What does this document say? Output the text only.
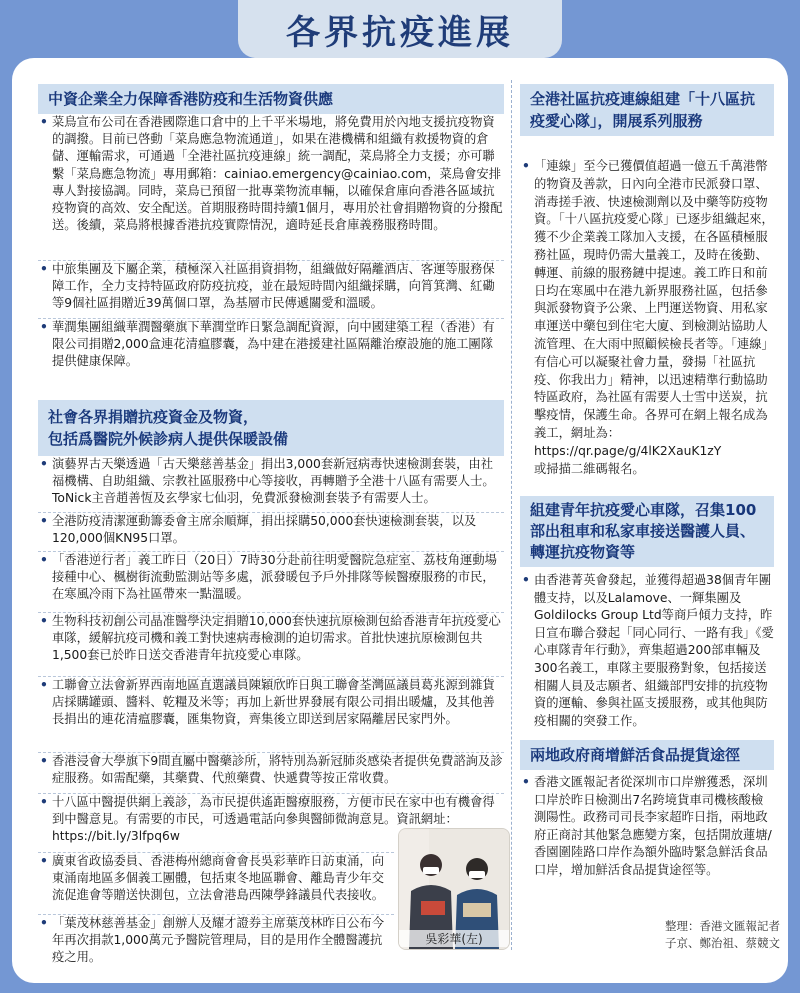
各界抗疫進展
中資企業全力保障香港防疫和生活物資供應
• 菜鳥宣布公司在香港國際進口倉中的上千平米場地，將免費用於內地支援抗疫物資的調撥。目前已啓動「菜鳥應急物流通道」，如果在港機構和組織有救援物資的倉儲、運輸需求，可通過「全港社區抗疫連線」統一調配，菜鳥將全力支援；亦可聯繫「菜鳥應急物流」專用郵箱：cainiao.emergency@cainiao.com，菜鳥會安排專人對接協調。同時，菜鳥已預留一批專業物流車輛，以確保倉庫向香港各區域抗疫物資的高效、安全配送。首期服務時間持續1個月，專用於社會捐贈物資的分撥配送。後續，菜鳥將根據香港抗疫實際情況，適時延長倉庫義務服務時間。
• 中旅集團及下屬企業，積極深入社區捐資捐物，組織做好隔離酒店、客運等服務保障工作，全力支持特區政府防疫抗疫，並在最短時間內組織採購，向筲箕灣、紅磡等9個社區捐贈近39萬個口罩，為基層市民傳遞關愛和溫暖。
• 華潤集團組織華潤醫藥旗下華潤堂昨日緊急調配資源，向中國建築工程（香港）有限公司捐贈2,000盒連花清瘟膠囊，為中建在港援建社區隔離治療設施的施工團隊提供健康保障。
社會各界捐贈抗疫資金及物資，
包括爲醫院外候診病人提供保暖設備
• 演藝界古天樂透過「古天樂慈善基金」捐出3,000套新冠病毒快速檢測套裝，由社福機構、自助組織、宗教社區服務中心等接收，再轉贈予全港十八區有需要人士。ToNick主音趙善恆及玄學家七仙羽，免費派發檢測套裝予有需要人士。
• 全港防疫清潔運動籌委會主席余順輝，捐出採購50,000套快速檢測套裝，以及120,000個KN95口罩。
• 「香港逆行者」義工昨日（20日）7時30分赴前往明愛醫院急症室、荔枝角運動場接種中心、楓樹街流動監測站等多處，派發暖包予戶外排隊等候醫療服務的市民，在寒風冷雨下為社區帶來一點溫暖。
• 生物科技初創公司晶准醫學決定捐贈10,000套快速抗原檢測包給香港青年抗疫愛心車隊，緩解抗疫司機和義工對快速病毒檢測的迫切需求。首批快速抗原檢測包共1,500套已於昨日送交香港青年抗疫愛心車隊。
• 工聯會立法會新界西南地區直選議員陳穎欣昨日與工聯會荃灣區議員葛兆源到雜貨店採購罐頭、醬料、乾糧及米等；再加上新世界發展有限公司捐出暖爐，及其他善長捐出的連花清瘟膠囊，匯集物資，齊集後立即送到居家隔離居民家門外。
• 香港浸會大學旗下9間直屬中醫藥診所，將特別為新冠肺炎感染者提供免費諮詢及診症服務。如需配藥，其藥費、代煎藥費、快遞費等按正常收費。
• 十八區中醫提供網上義診，為市民提供遙距醫療服務，方便市民在家中也有機會得到中醫意見。有需要的市民，可透過電話向參與醫師微詢意見。資訊網址：https://bit.ly/3lfpq6w
• 廣東省政協委員、香港梅州總商會會長吳彩華昨日訪東涌，向東涌南地區多個義工團體，包括東冬地區聯會、離島青少年交流促進會等贈送快測包，立法會港島西陳學鋒議員代表接收。
• 「葉茂林慈善基金」創辦人及耀才證券主席葉茂林昨日公布今年再次捐款1,000萬元予醫院管理局，目的是用作全體醫護抗疫之用。
吳彩華(左)
全港社區抗疫連線組建「十八區抗疫愛心隊」，開展系列服務
• 「連線」至今已獲價值超過一億五千萬港幣的物資及善款，日內向全港市民派發口罩、消毒搓手液、快速檢測劑以及中藥等防疫物資。「十八區抗疫愛心隊」已逐步組織起來，獲不少企業義工隊加入支援，在各區積極服務社區，現時仍需大量義工，及時在後勤、轉運、前線的服務鏈中提速。義工昨日和前日均在寒風中在港九新界服務社區，包括參與派發物資予公衆、上門運送物資、用私家車運送中藥包到住宅大廈、到檢測站協助人流管理、在大雨中照顧候檢長者等。「連線」有信心可以凝聚社會力量，發揚「社區抗疫、你我出力」精神，以迅速精準行動協助特區政府，為社區有需要人士雪中送炭，抗擊疫情，保護生命。各界可在網上報名成為義工，網址為：
https://qr.page/g/4lK2XauK1zY
或掃描二維碼報名。
組建青年抗疫愛心車隊，召集100部出租車和私家車接送醫護人員、轉運抗疫物資等
• 由香港菁英會發起，並獲得超過38個青年團體支持，以及Lalamove、一輝集團及Goldilocks Group Ltd等商戶傾力支持，昨日宣布聯合發起「同心同行、一路有我」《愛心車隊青年行動》，齊集超過200部車輛及300名義工，車隊主要服務對象，包括接送相關人員及志願者、組織部門安排的抗疫物資的運輸、參與社區支援服務，或其他與防疫相關的突發工作。
兩地政府商增鮮活食品提貨途徑
• 香港文匯報記者從深圳市口岸辦獲悉，深圳口岸於昨日檢測出7名跨境貨車司機核酸檢測陽性。政務司司長李家超昨日指，兩地政府正商討其他緊急應變方案，包括開放蓮塘/香園圍陸路口岸作為額外臨時緊急鮮活食品口岸，增加鮮活食品提貨途徑等。
整理：香港文匯報記者
子京、鄭治祖、蔡競文
